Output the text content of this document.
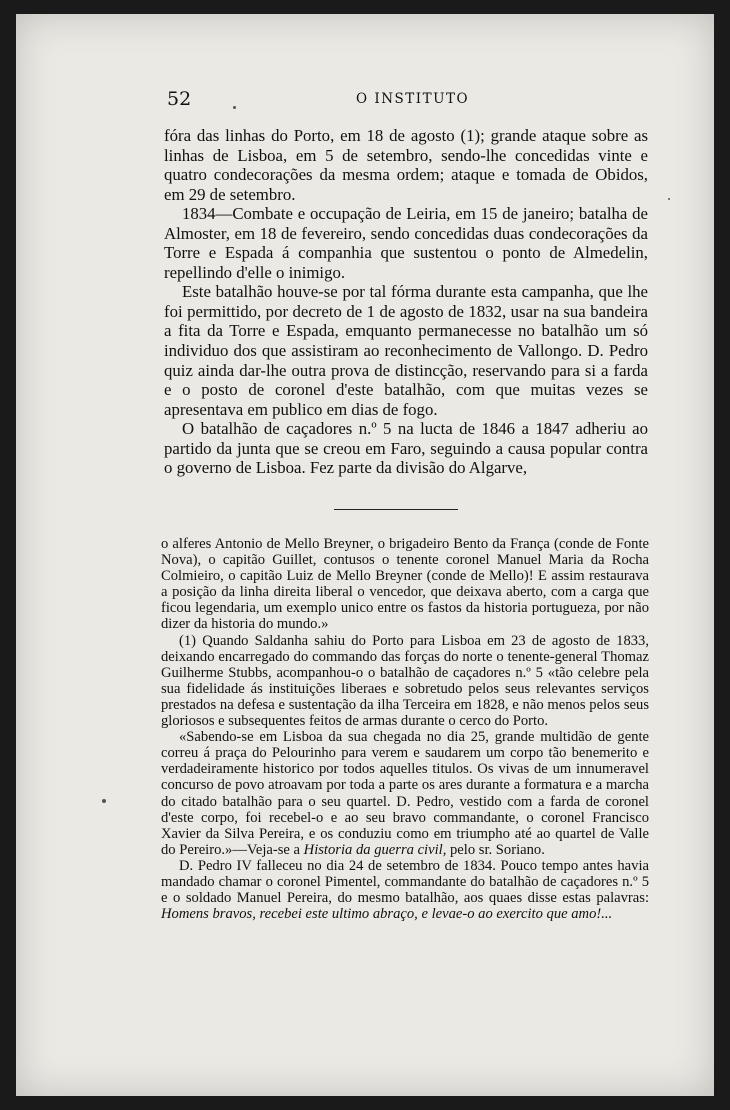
52	O INSTITUTO

fóra das linhas do Porto, em 18 de agosto (1); grande ataque sobre as linhas de Lisboa, em 5 de setembro, sendo-lhe concedidas vinte e quatro condecorações da mesma ordem; ataque e tomada de Obidos, em 29 de setembro.

1834—Combate e occupação de Leiria, em 15 de janeiro; batalha de Almoster, em 18 de fevereiro, sendo concedidas duas condecorações da Torre e Espada á companhia que sustentou o ponto de Almedelin, repellindo d'elle o inimigo.

Este batalhão houve-se por tal fórma durante esta campanha, que lhe foi permittido, por decreto de 1 de agosto de 1832, usar na sua bandeira a fita da Torre e Espada, emquanto permanecesse no batalhão um só individuo dos que assistiram ao reconhecimento de Vallongo. D. Pedro quiz ainda dar-lhe outra prova de distincção, reservando para si a farda e o posto de coronel d'este batalhão, com que muitas vezes se apresentava em publico em dias de fogo.

O batalhão de caçadores n.º 5 na lucta de 1846 a 1847 adheriu ao partido da junta que se creou em Faro, seguindo a causa popular contra o governo de Lisboa. Fez parte da divisão do Algarve,

o alferes Antonio de Mello Breyner, o brigadeiro Bento da França (conde de Fonte Nova), o capitão Guillet, contusos o tenente coronel Manuel Maria da Rocha Colmieiro, o capitão Luiz de Mello Breyner (conde de Mello)! E assim restaurava a posição da linha direita liberal o vencedor, que deixava aberto, com a carga que ficou legendaria, um exemplo unico entre os fastos da historia portugueza, por não dizer da historia do mundo.»

(1) Quando Saldanha sahiu do Porto para Lisboa em 23 de agosto de 1833, deixando encarregado do commando das forças do norte o tenente-general Thomaz Guilherme Stubbs, acompanhou-o o batalhão de caçadores n.º 5 «tão celebre pela sua fidelidade ás instituições liberaes e sobretudo pelos seus relevantes serviços prestados na defesa e sustentação da ilha Terceira em 1828, e não menos pelos seus gloriosos e subsequentes feitos de armas durante o cerco do Porto.

«Sabendo-se em Lisboa da sua chegada no dia 25, grande multidão de gente correu á praça do Pelourinho para verem e saudarem um corpo tão benemerito e verdadeiramente historico por todos aquelles titulos. Os vivas de um innumeravel concurso de povo atroavam por toda a parte os ares durante a formatura e a marcha do citado batalhão para o seu quartel. D. Pedro, vestido com a farda de coronel d'este corpo, foi recebel-o e ao seu bravo commandante, o coronel Francisco Xavier da Silva Pereira, e os conduziu como em triumpho até ao quartel de Valle do Pereiro.»—Veja-se a Historia da guerra civil, pelo sr. Soriano.

D. Pedro IV falleceu no dia 24 de setembro de 1834. Pouco tempo antes havia mandado chamar o coronel Pimentel, commandante do batalhão de caçadores n.º 5 e o soldado Manuel Pereira, do mesmo batalhão, aos quaes disse estas palavras: Homens bravos, recebei este ultimo abraço, e levae-o ao exercito que amo!...
